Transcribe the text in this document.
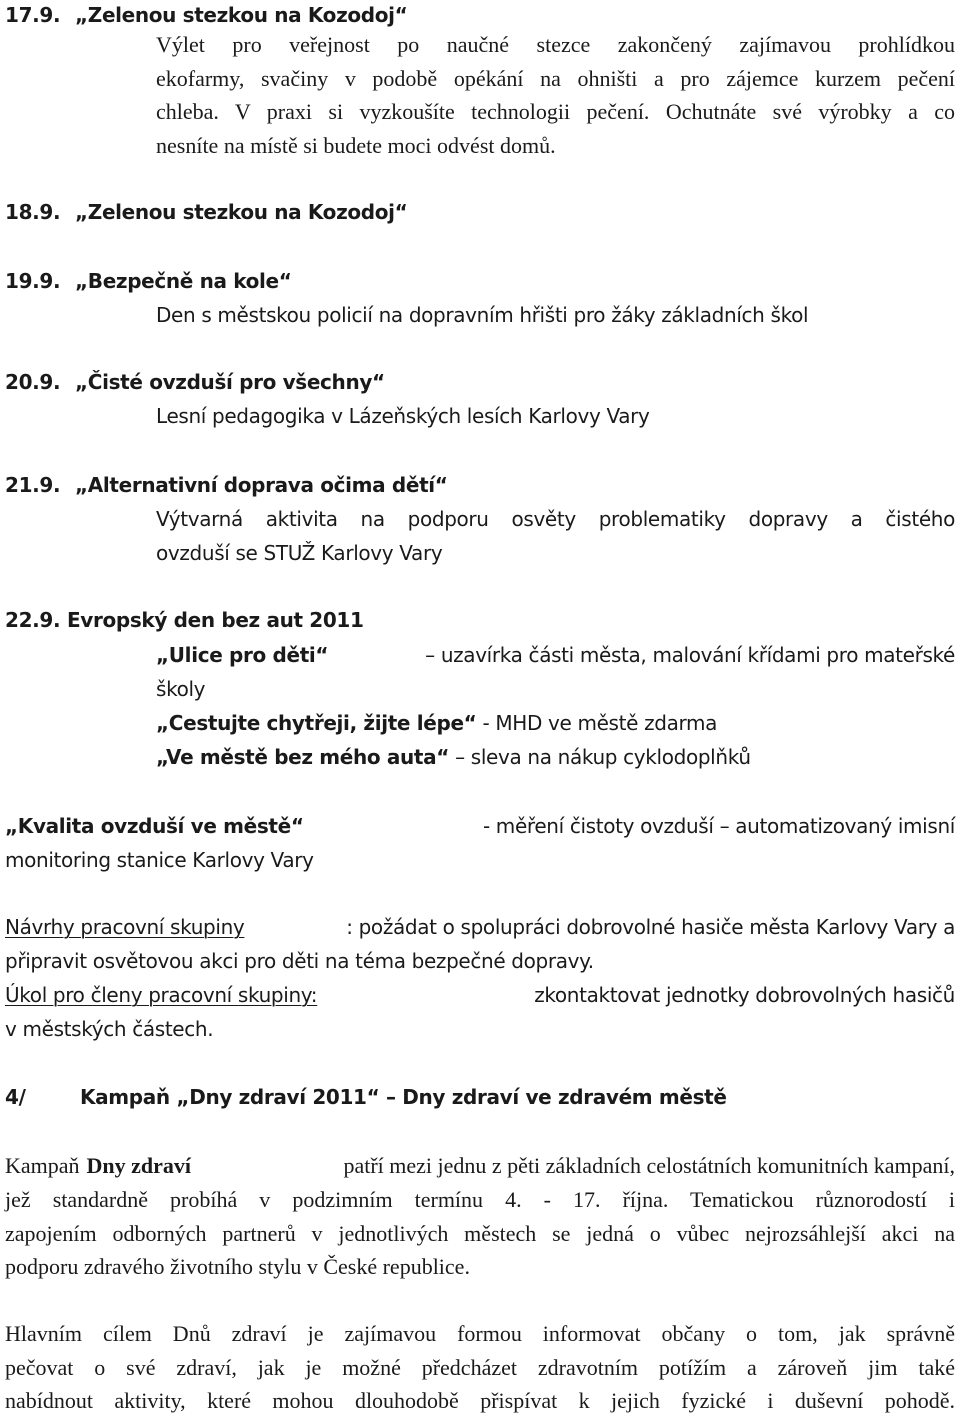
17.9. „Zelenou stezkou na Kozodoj“
Výlet pro veřejnost po naučné stezce zakončený zajímavou prohlídkou
ekofarmy, svačiny v podobě opékání na ohništi a pro zájemce kurzem pečení
chleba. V praxi si vyzkoušíte technologii pečení. Ochutnáte své výrobky a co
nesníte na místě si budete moci odvést domů.
18.9. „Zelenou stezkou na Kozodoj“
19.9. „Bezpečně na kole“
Den s městskou policií na dopravním hřišti pro žáky základních škol
20.9. „Čisté ovzduší pro všechny“
Lesní pedagogika v Lázeňských lesích Karlovy Vary
21.9. „Alternativní doprava očima dětí“
Výtvarná aktivita na podporu osvěty problematiky dopravy a čistého
ovzduší se STUŽ Karlovy Vary
22.9. Evropský den bez aut 2011
„Ulice pro děti“	– uzavírka části města, malování křídami pro mateřské
školy
„Cestujte chytřeji, žijte lépe“ - MHD ve městě zdarma
„Ve městě bez mého auta“ – sleva na nákup cyklodoplňků
„Kvalita ovzduší ve městě“	- měření čistoty ovzduší – automatizovaný imisní
monitoring stanice Karlovy Vary
Návrhy pracovní skupiny	: požádat o spolupráci dobrovolné hasiče města Karlovy Vary a
připravit osvětovou akci pro děti na téma bezpečné dopravy.
Úkol pro členy pracovní skupiny:	zkontaktovat jednotky dobrovolných hasičů
v městských částech.
4/	Kampaň „Dny zdraví 2011“ – Dny zdraví ve zdravém městě
Kampaň Dny zdraví	patří mezi jednu z pěti základních celostátních komunitních kampaní,
jež standardně probíhá v podzimním termínu 4. - 17. října. Tematickou různorodostí i
zapojením odborných partnerů v jednotlivých městech se jedná o vůbec nejrozsáhlejší akci na
podporu zdravého životního stylu v České republice.
Hlavním cílem Dnů zdraví je zajímavou formou informovat občany o tom, jak správně
pečovat o své zdraví, jak je možné předcházet zdravotním potížím a zároveň jim také
nabídnout aktivity, které mohou dlouhodobě přispívat k jejich fyzické i duševní pohodě.
